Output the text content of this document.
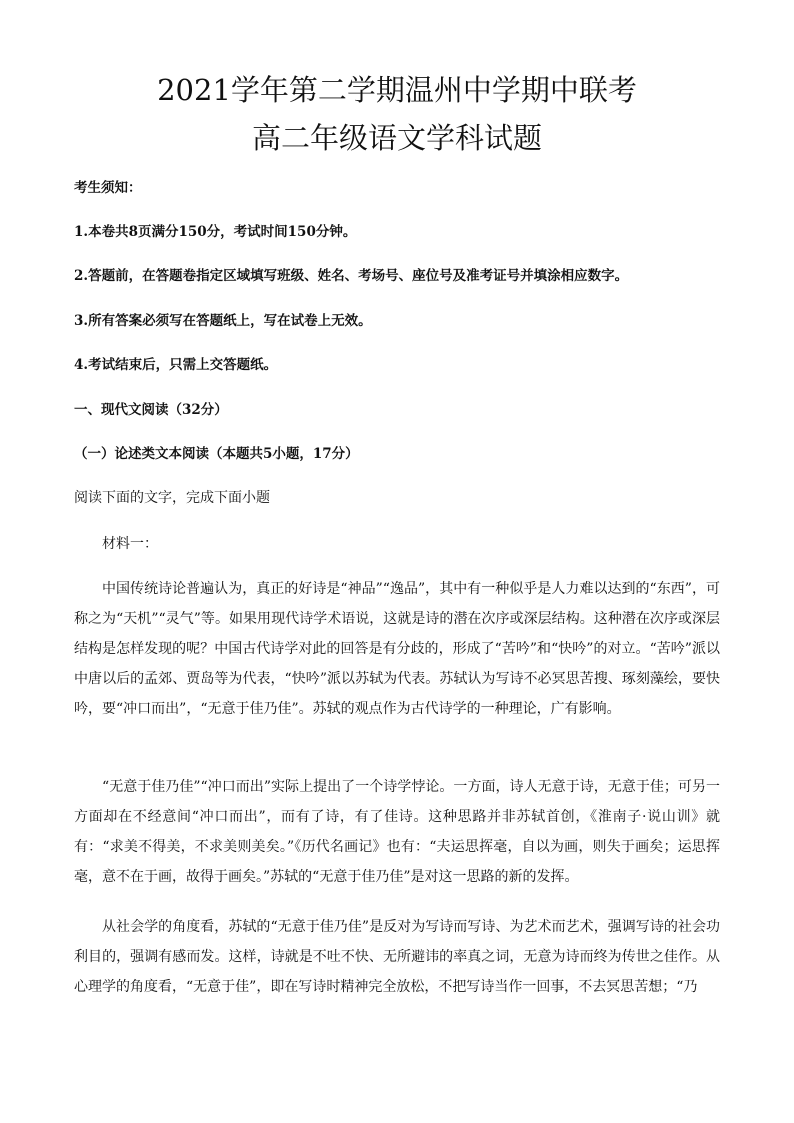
2021学年第二学期温州中学期中联考
高二年级语文学科试题
考生须知：
1.本卷共8页满分150分，考试时间150分钟。
2.答题前，在答题卷指定区域填写班级、姓名、考场号、座位号及准考证号并填涂相应数字。
3.所有答案必须写在答题纸上，写在试卷上无效。
4.考试结束后，只需上交答题纸。
一、现代文阅读（32分）
（一）论述类文本阅读（本题共5小题，17分）
阅读下面的文字，完成下面小题
材料一：
中国传统诗论普遍认为，真正的好诗是“神品”“逸品”，其中有一种似乎是人力难以达到的“东西”，可称之为“天机”“灵气”等。如果用现代诗学术语说，这就是诗的潜在次序或深层结构。这种潜在次序或深层结构是怎样发现的呢？中国古代诗学对此的回答是有分歧的，形成了“苦吟”和“快吟”的对立。“苦吟”派以中唐以后的孟郊、贾岛等为代表，“快吟”派以苏轼为代表。苏轼认为写诗不必冥思苦搜、琢刻藻绘，要快吟，要“冲口而出”，“无意于佳乃佳”。苏轼的观点作为古代诗学的一种理论，广有影响。
“无意于佳乃佳”“冲口而出”实际上提出了一个诗学悖论。一方面，诗人无意于诗，无意于佳；可另一方面却在不经意间“冲口而出”，而有了诗，有了佳诗。这种思路并非苏轼首创，《淮南子·说山训》就有：“求美不得美，不求美则美矣。”《历代名画记》也有：“夫运思挥毫，自以为画，则失于画矣；运思挥毫，意不在于画，故得于画矣。”苏轼的“无意于佳乃佳”是对这一思路的新的发挥。
从社会学的角度看，苏轼的“无意于佳乃佳”是反对为写诗而写诗、为艺术而艺术，强调写诗的社会功利目的，强调有感而发。这样，诗就是不吐不快、无所避讳的率真之词，无意为诗而终为传世之佳作。从心理学的角度看，“无意于佳”，即在写诗时精神完全放松，不把写诗当作一回事，不去冥思苦想；“乃
